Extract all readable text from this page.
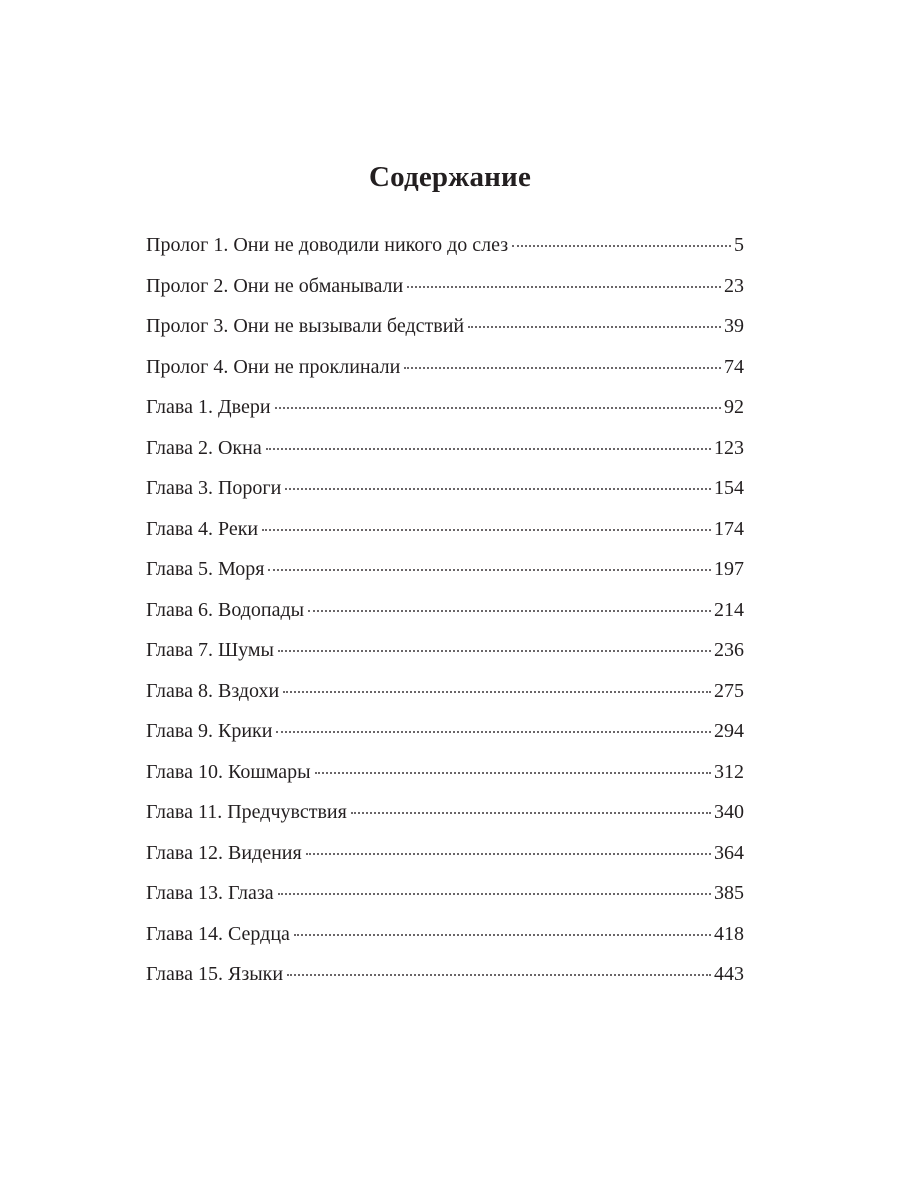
Содержание
Пролог 1. Они не доводили никого до слез	5
Пролог 2. Они не обманывали	23
Пролог 3. Они не вызывали бедствий	39
Пролог 4. Они не проклинали	74
Глава 1. Двери	92
Глава 2. Окна	123
Глава 3. Пороги	154
Глава 4. Реки	174
Глава 5. Моря	197
Глава 6. Водопады	214
Глава 7. Шумы	236
Глава 8. Вздохи	275
Глава 9. Крики	294
Глава 10. Кошмары	312
Глава 11. Предчувствия	340
Глава 12. Видения	364
Глава 13. Глаза	385
Глава 14. Сердца	418
Глава 15. Языки	443
